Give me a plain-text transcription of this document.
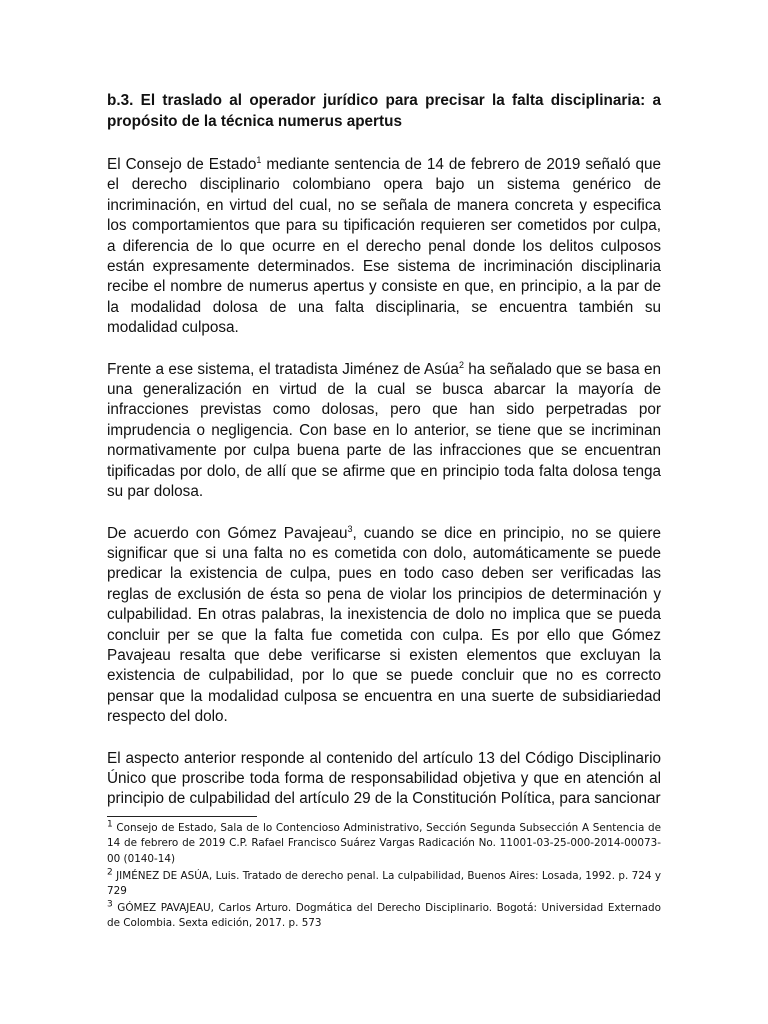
b.3. El traslado al operador jurídico para precisar la falta disciplinaria: a propósito de la técnica numerus apertus

El Consejo de Estado$^1$ mediante sentencia de 14 de febrero de 2019 señaló que el derecho disciplinario colombiano opera bajo un sistema genérico de incriminación, en virtud del cual, no se señala de manera concreta y especifica los comportamientos que para su tipificación requieren ser cometidos por culpa, a diferencia de lo que ocurre en el derecho penal donde los delitos culposos están expresamente determinados. Ese sistema de incriminación disciplinaria recibe el nombre de numerus apertus y consiste en que, en principio, a la par de la modalidad dolosa de una falta disciplinaria, se encuentra también su modalidad culposa.

Frente a ese sistema, el tratadista Jiménez de Asúa$^2$ ha señalado que se basa en una generalización en virtud de la cual se busca abarcar la mayoría de infracciones previstas como dolosas, pero que han sido perpetradas por imprudencia o negligencia. Con base en lo anterior, se tiene que se incriminan normativamente por culpa buena parte de las infracciones que se encuentran tipificadas por dolo, de allí que se afirme que en principio toda falta dolosa tenga su par dolosa.

De acuerdo con Gómez Pavajeau$^3$, cuando se dice en principio, no se quiere significar que si una falta no es cometida con dolo, automáticamente se puede predicar la existencia de culpa, pues en todo caso deben ser verificadas las reglas de exclusión de ésta so pena de violar los principios de determinación y culpabilidad. En otras palabras, la inexistencia de dolo no implica que se pueda concluir per se que la falta fue cometida con culpa. Es por ello que Gómez Pavajeau resalta que debe verificarse si existen elementos que excluyan la existencia de culpabilidad, por lo que se puede concluir que no es correcto pensar que la modalidad culposa se encuentra en una suerte de subsidiariedad respecto del dolo.

El aspecto anterior responde al contenido del artículo 13 del Código Disciplinario Único que proscribe toda forma de responsabilidad objetiva y que en atención al principio de culpabilidad del artículo 29 de la Constitución Política, para sancionar

$^1$ Consejo de Estado, Sala de lo Contencioso Administrativo, Sección Segunda Subsección A Sentencia de 14 de febrero de 2019 C.P. Rafael Francisco Suárez Vargas Radicación No. 11001-03-25-000-2014-00073-00 (0140-14)
$^2$ JIMÉNEZ DE ASÚA, Luis. Tratado de derecho penal. La culpabilidad, Buenos Aires: Losada, 1992. p. 724 y 729
$^3$ GÓMEZ PAVAJEAU, Carlos Arturo. Dogmática del Derecho Disciplinario. Bogotá: Universidad Externado de Colombia. Sexta edición, 2017. p. 573
